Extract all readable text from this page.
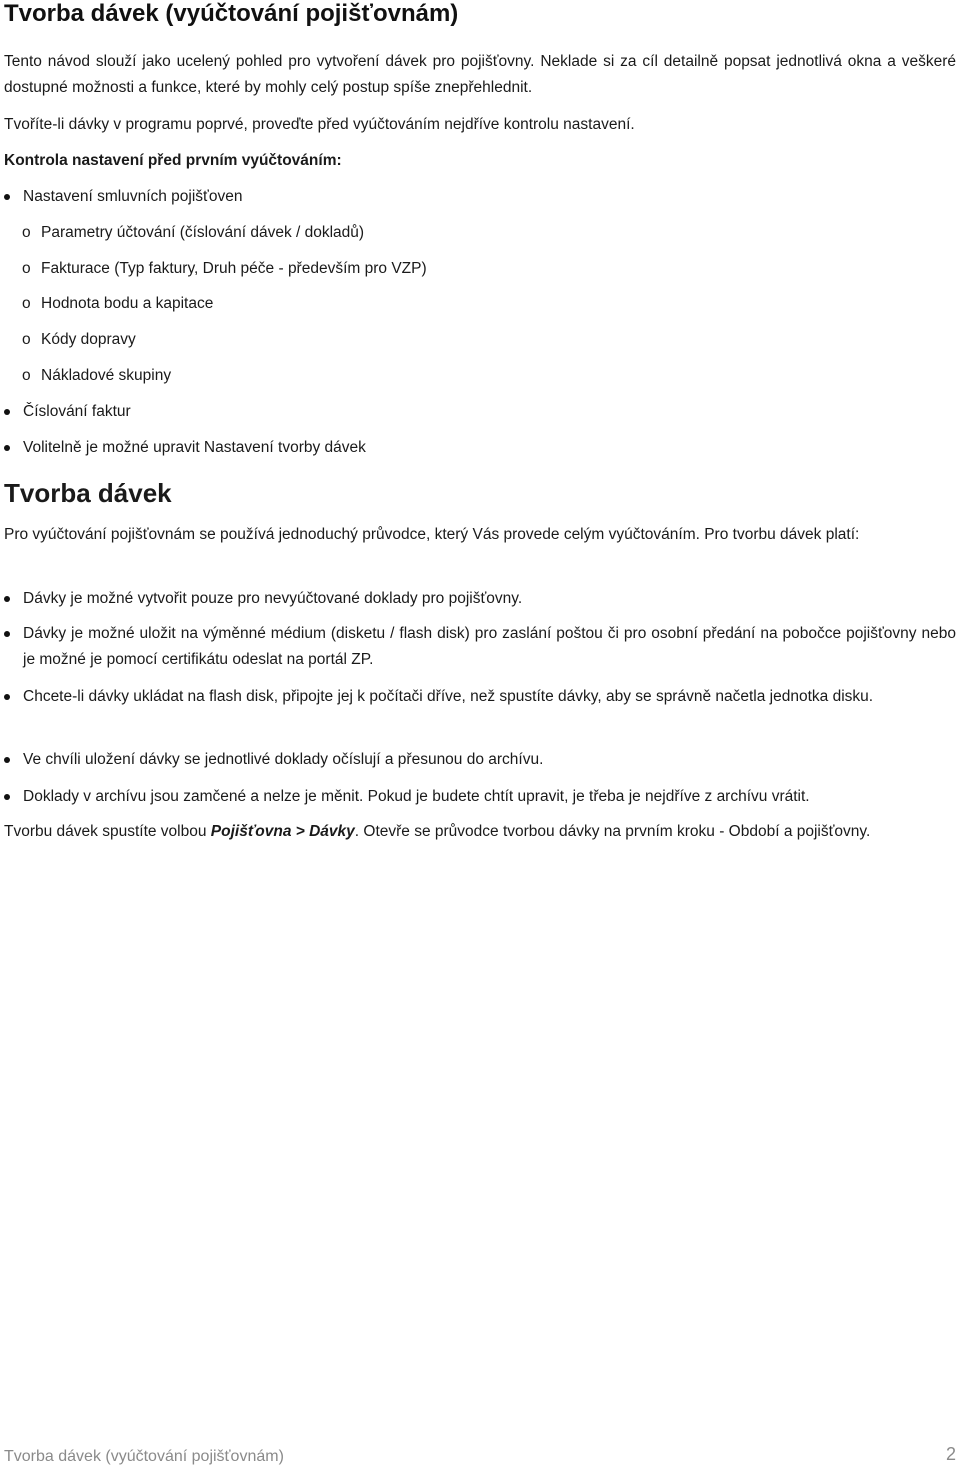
Tvorba dávek (vyúčtování pojišťovnám)

Tento návod slouží jako ucelený pohled pro vytvoření dávek pro pojišťovny. Neklade si za cíl detailně popsat jednotlivá okna a veškeré dostupné možnosti a funkce, které by mohly celý postup spíše znepřehlednit.

Tvoříte-li dávky v programu poprvé, proveďte před vyúčtováním nejdříve kontrolu nastavení.

Kontrola nastavení před prvním vyúčtováním:

Nastavení smluvních pojišťoven

o Parametry účtování (číslování dávek / dokladů)

o Fakturace (Typ faktury, Druh péče - především pro VZP)

o Hodnota bodu a kapitace

o Kódy dopravy

o Nákladové skupiny

Číslování faktur

Volitelně je možné upravit Nastavení tvorby dávek

Tvorba dávek

Pro vyúčtování pojišťovnám se používá jednoduchý průvodce, který Vás provede celým vyúčtováním. Pro tvorbu dávek platí:

Dávky je možné vytvořit pouze pro nevyúčtované doklady pro pojišťovny.

Dávky je možné uložit na výměnné médium (disketu / flash disk) pro zaslání poštou či pro osobní předání na pobočce pojišťovny nebo je možné je pomocí certifikátu odeslat na portál ZP.

Chcete-li dávky ukládat na flash disk, připojte jej k počítači dříve, než spustíte dávky, aby se správně načetla jednotka disku.

Ve chvíli uložení dávky se jednotlivé doklady očíslují a přesunou do archívu.

Doklady v archívu jsou zamčené a nelze je měnit. Pokud je budete chtít upravit, je třeba je nejdříve z archívu vrátit.

Tvorbu dávek spustíte volbou Pojišťovna > Dávky. Otevře se průvodce tvorbou dávky na prvním kroku - Období a pojišťovny.

Tvorba dávek (vyúčtování pojišťovnám)	2
